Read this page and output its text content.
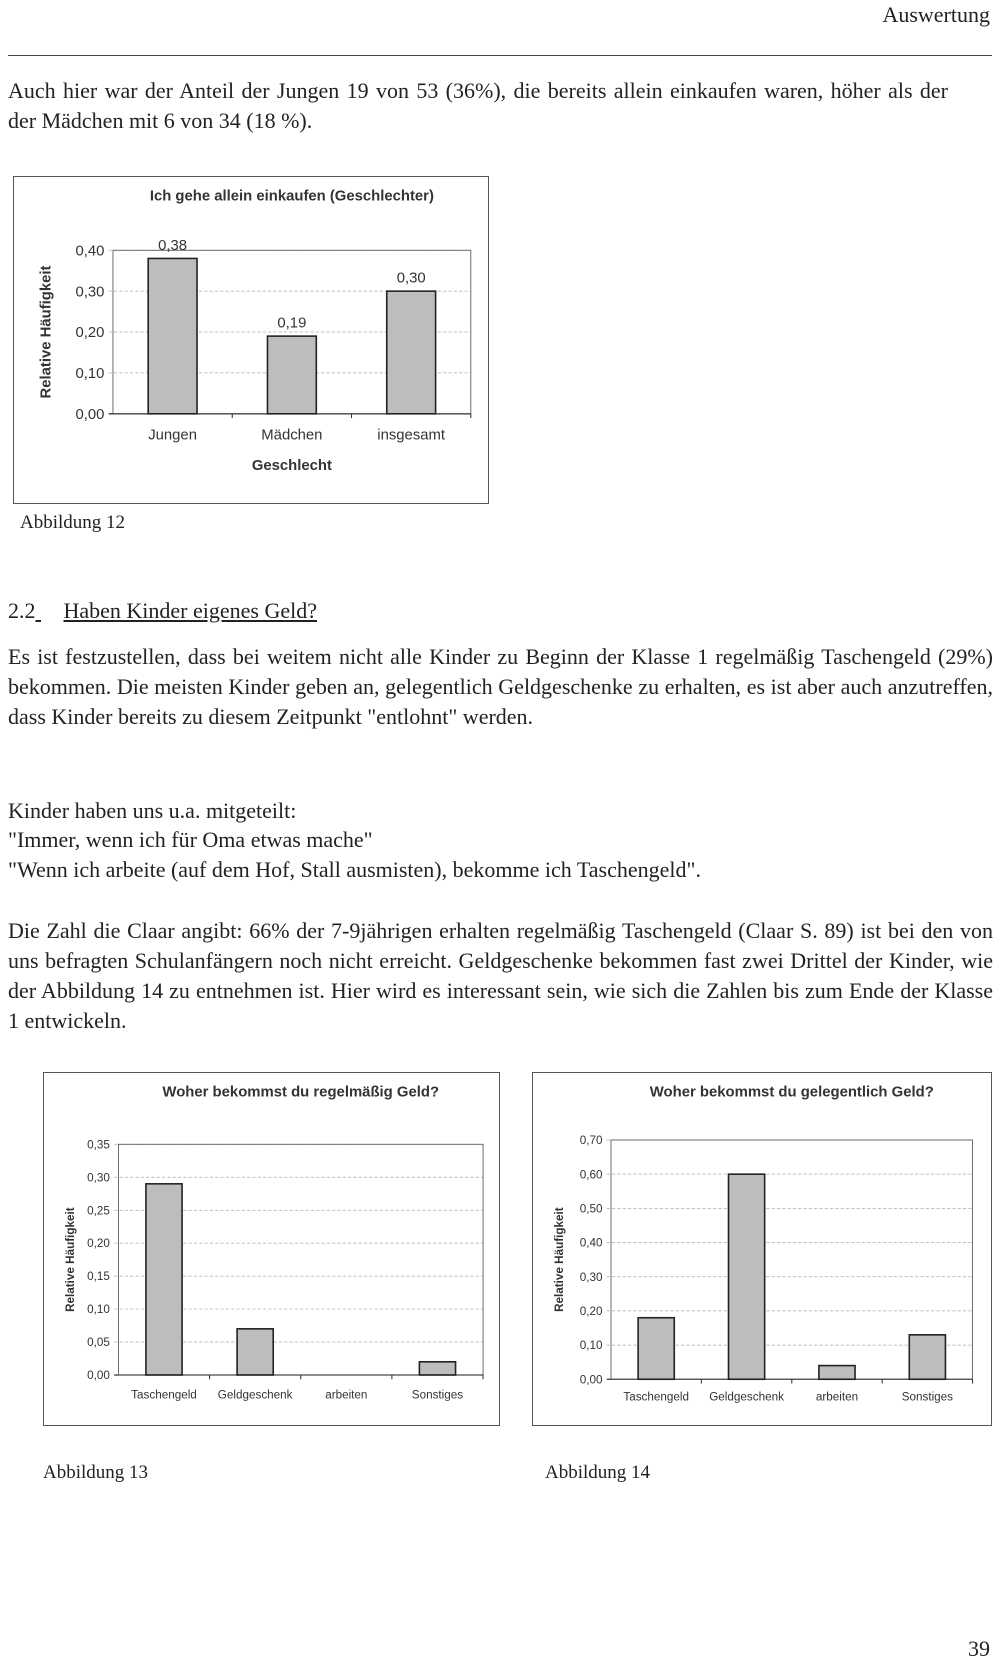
Auswertung
Auch hier war der Anteil der Jungen 19 von 53 (36%), die bereits allein einkaufen waren, höher als der der Mädchen mit 6 von 34 (18 %).
Ich gehe allein einkaufen (Geschlechter)
0,00
0,10
0,20
0,30
0,40
Jungen
0,38
Mädchen
0,19
insgesamt
0,30
Relative Häufigkeit
Geschlecht
Abbildung 12
2.2 Haben Kinder eigenes Geld?
Es ist festzustellen, dass bei weitem nicht alle Kinder zu Beginn der Klasse 1 regelmäßig Taschengeld (29%) bekommen. Die meisten Kinder geben an, gelegentlich Geldgeschenke zu erhalten, es ist aber auch anzutreffen, dass Kinder bereits zu diesem Zeitpunkt "entlohnt" werden.
Kinder haben uns u.a. mitgeteilt:
"Immer, wenn ich für Oma etwas mache"
"Wenn ich arbeite (auf dem Hof, Stall ausmisten), bekomme ich Taschengeld".
Die Zahl die Claar angibt: 66% der 7-9jährigen erhalten regelmäßig Taschengeld (Claar S. 89) ist bei den von uns befragten Schulanfängern noch nicht erreicht. Geldgeschenke bekommen fast zwei Drittel der Kinder, wie der Abbildung 14 zu entnehmen ist. Hier wird es interessant sein, wie sich die Zahlen bis zum Ende der Klasse 1 entwickeln.
Woher bekommst du regelmäßig Geld?
0,00
0,05
0,10
0,15
0,20
0,25
0,30
0,35
Taschengeld Geldgeschenk	arbeiten	Sonstiges
Relative Häufigkeit
Woher bekommst du gelegentlich Geld?
0,00
0,10
0,20
0,30
0,40
0,50
0,60
0,70
Taschengeld Geldgeschenk	arbeiten	Sonstiges
Relative Häufigkeit
Abbildung 13	Abbildung 14
39
